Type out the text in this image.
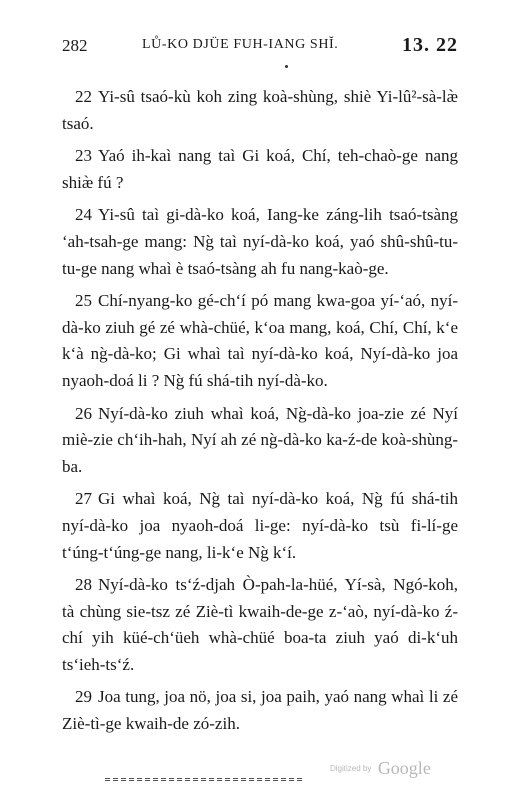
282	LŮ-KO DJÜE FUH-IANG SHĬ.	13. 22

22 Yi-sû tsaó-kù koh zing koà-shùng, shiè Yi-lû²-sà-læ̀ tsaó.

23 Yaó ih-kaì nang taì Gi koá, Chí, teh-chaò-ge nang shiæ̀ fú ?

24 Yi-sû taì gi-dà-ko koá, Iang-ke záng-lih tsaó-tsàng ‘ah-tsah-ge mang: Ng̀ taì nyí-dà-ko koá, yaó shû-shû-tu-tu-ge nang whaì è tsaó-tsàng ah fu nang-kaò-ge.

25 Chí-nyang-ko gé-ch‘í pó mang kwa-goa yí-‘aó, nyí-dà-ko ziuh gé zé whà-chüé, k‘oa mang, koá, Chí, Chí, k‘e k‘à ng̀-dà-ko; Gi whaì taì nyí-dà-ko koá, Nyí-dà-ko joa nyaoh-doá li ? Ng̀ fú shá-tih nyí-dà-ko.

26 Nyí-dà-ko ziuh whaì koá, Ng̀-dà-ko joa-zie zé Nyí miè-zie ch‘ih-hah, Nyí ah zé ng̀-dà-ko ka-ź-de koà-shùng-ba.

27 Gi whaì koá, Ng̀ taì nyí-dà-ko koá, Ng̀ fú shá-tih nyí-dà-ko joa nyaoh-doá li-ge: nyí-dà-ko tsù fi-lí-ge t‘úng-t‘úng-ge nang, li-k‘e Ng̀ k‘í.

28 Nyí-dà-ko ts‘ź-djah Ò-pah-la-hüé, Yí-sà, Ngó-koh, tà chùng sie-tsz zé Ziè-tì kwaih-de-ge z-‘aò, nyí-dà-ko ź-chí yih küé-ch‘üeh whà-chüé boa-ta ziuh yaó di-k‘uh ts‘ieh-ts‘ź.

29 Joa tung, joa nö, joa si, joa paih, yaó nang whaì li zé Ziè-tì-ge kwaih-de zó-zih.

Digitized by Google
